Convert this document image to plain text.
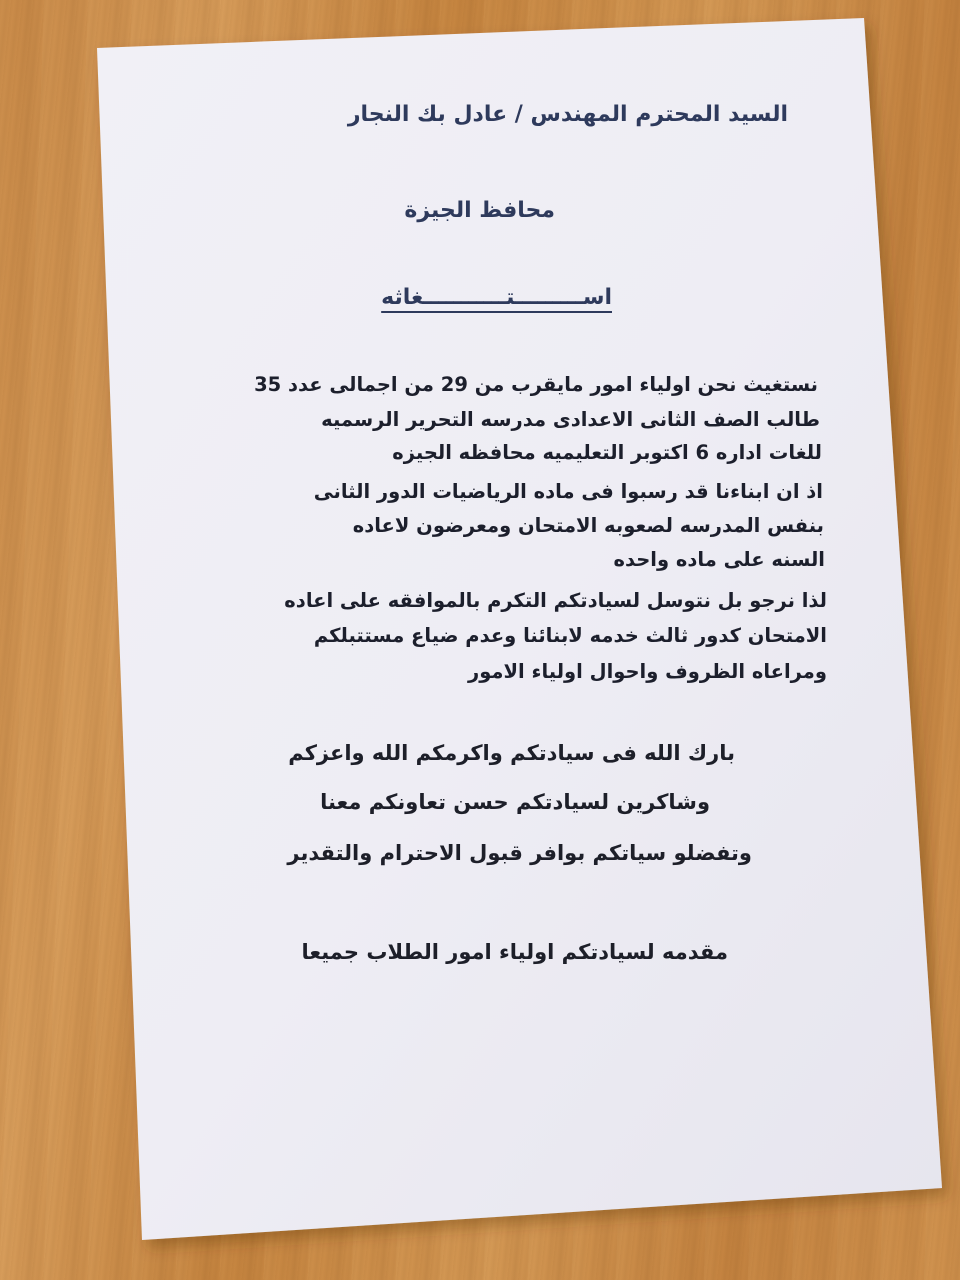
السيد المحترم المهندس / عادل بك النجار
محافظ الجيزة
اســـــــــتـــــــــــغاثه
نستغيث نحن اولياء امور مايقرب من 29 من اجمالى عدد 35
طالب الصف الثانى الاعدادى مدرسه التحرير الرسميه
للغات اداره 6 اكتوبر التعليميه محافظه الجيزه
اذ ان ابناءنا قد رسبوا فى ماده الرياضيات الدور الثانى
بنفس المدرسه لصعوبه الامتحان ومعرضون لاعاده
السنه على ماده واحده
لذا نرجو بل نتوسل لسيادتكم التكرم بالموافقه على اعاده
الامتحان كدور ثالث خدمه لابنائنا وعدم ضياع مستتبلكم
ومراعاه الظروف واحوال اولياء الامور
بارك الله فى سيادتكم واكرمكم الله واعزكم
وشاكرين لسيادتكم حسن تعاونكم معنا
وتفضلو سياتكم بوافر قبول الاحترام والتقدير
مقدمه لسيادتكم اولياء امور الطلاب جميعا
